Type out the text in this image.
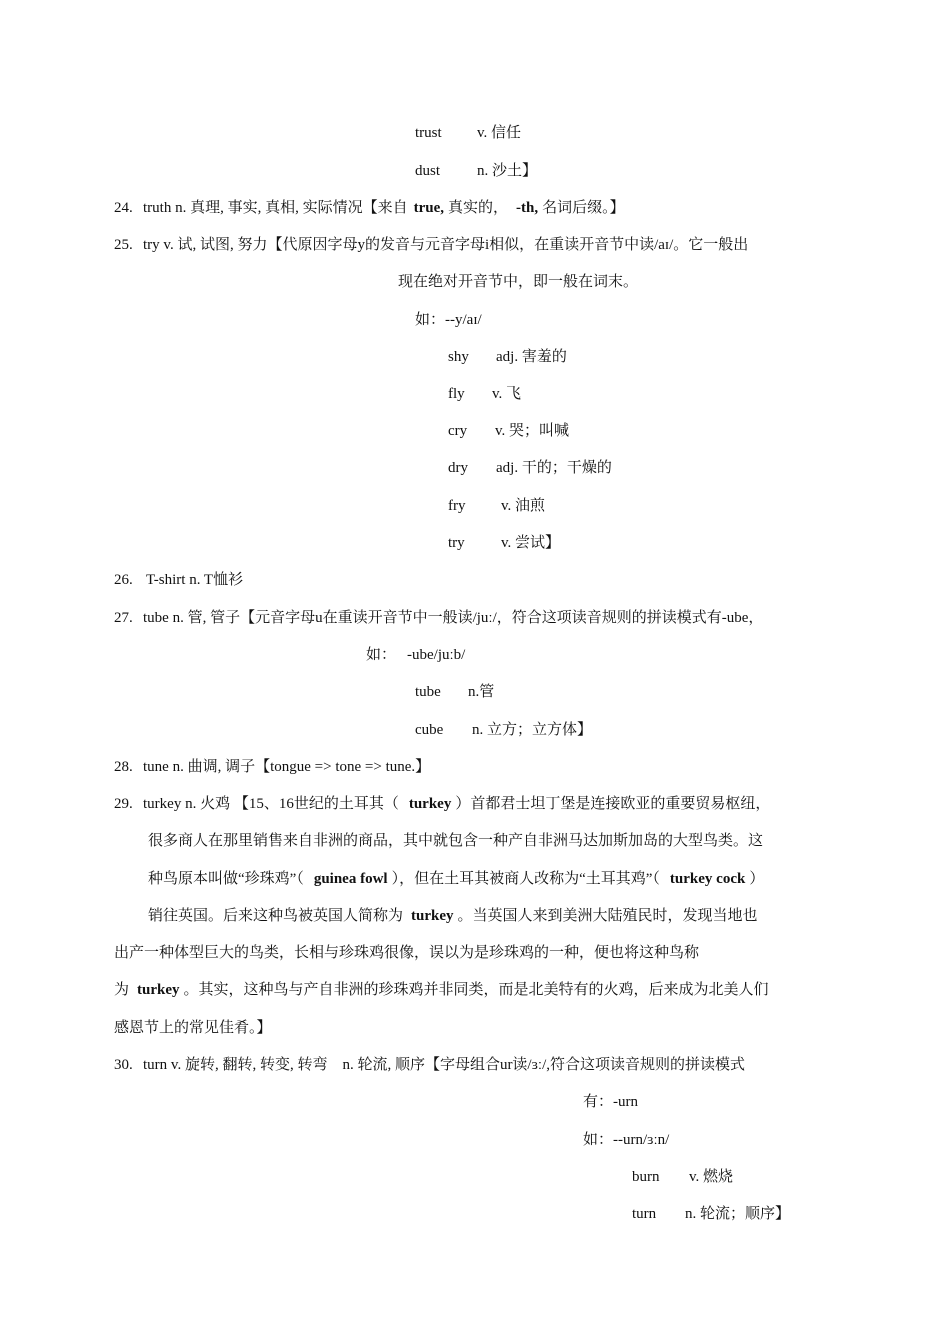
trust v. 信任
dust n. 沙土】
24. truth n. 真理, 事实, 真相, 实际情况【来自 true, 真实的， -th, 名词后缀。】
25. try v. 试, 试图, 努力【代原因字母y的发音与元音字母i相似，在重读开音节中读/aɪ/。它一般出
现在绝对开音节中，即一般在词末。
如：--y/aɪ/
shy adj. 害羞的
fly v. 飞
cry v. 哭；叫喊
dry adj. 干的；干燥的
fry v. 油煎
try v. 尝试】
26. T-shirt n. T恤衫
27. tube n. 管, 管子【元音字母u在重读开音节中一般读/juː/，符合这项读音规则的拼读模式有-ube，
如： -ube/juːb/
tube n.管
cube n. 立方；立方体】
28. tune n. 曲调, 调子【tongue => tone => tune.】
29. turkey n. 火鸡 【15、16世纪的土耳其（ turkey ）首都君士坦丁堡是连接欧亚的重要贸易枢纽，
很多商人在那里销售来自非洲的商品，其中就包含一种产自非洲马达加斯加岛的大型鸟类。这
种鸟原本叫做“珍珠鸡”（ guinea fowl ），但在土耳其被商人改称为“土耳其鸡”（ turkey cock ）
销往英国。后来这种鸟被英国人简称为 turkey 。当英国人来到美洲大陆殖民时，发现当地也
出产一种体型巨大的鸟类，长相与珍珠鸡很像，误以为是珍珠鸡的一种，便也将这种鸟称
为 turkey 。其实，这种鸟与产自非洲的珍珠鸡并非同类，而是北美特有的火鸡，后来成为北美人们
感恩节上的常见佳肴。】
30. turn v. 旋转, 翻转, 转变, 转弯　n. 轮流, 顺序【字母组合ur读/ɜː/,符合这项读音规则的拼读模式
有：-urn
如：--urn/ɜːn/
burn v. 燃烧
turn n. 轮流；顺序】
